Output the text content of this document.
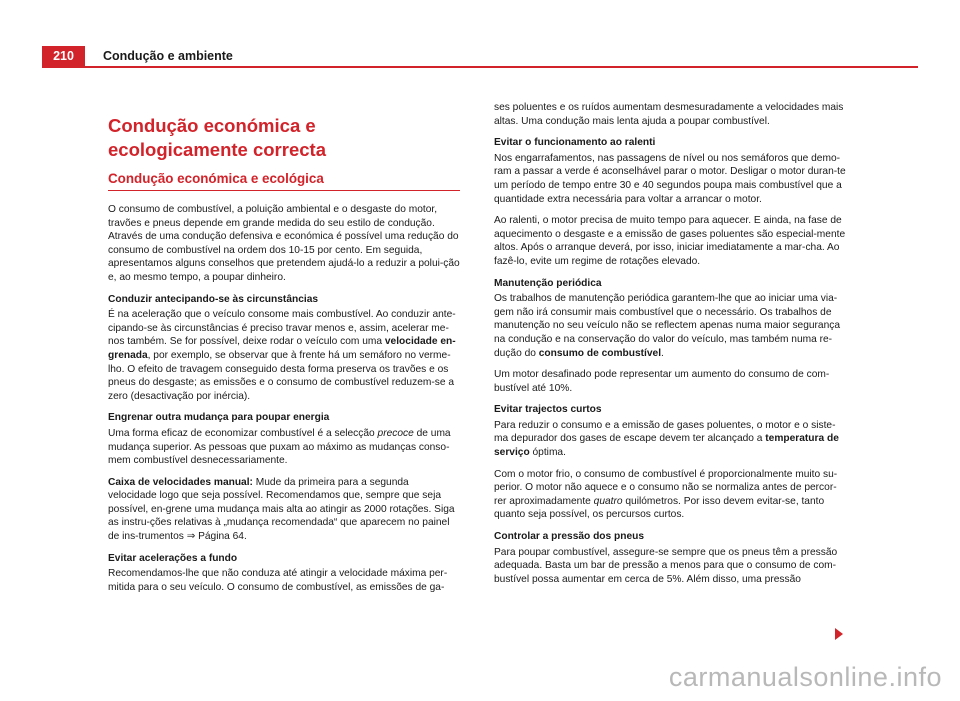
210	Condução e ambiente
Condução económica e ecologicamente correcta
Condução económica e ecológica

O consumo de combustível, a poluição ambiental e o desgaste do motor, travões e pneus depende em grande medida do seu estilo de condução. Através de uma condução defensiva e económica é possível uma redução do consumo de combustível na ordem dos 10-15 por cento. Em seguida, apresentamos alguns conselhos que pretendem ajudá-lo a reduzir a polui-ção e, ao mesmo tempo, a poupar dinheiro.

Conduzir antecipando-se às circunstâncias

É na aceleração que o veículo consome mais combustível. Ao conduzir ante-cipando-se às circunstâncias é preciso travar menos e, assim, acelerar me-nos também. Se for possível, deixe rodar o veículo com uma velocidade en-grenada, por exemplo, se observar que à frente há um semáforo no verme-lho. O efeito de travagem conseguido desta forma preserva os travões e os pneus do desgaste; as emissões e o consumo de combustível reduzem-se a zero (desactivação por inércia).

Engrenar outra mudança para poupar energia

Uma forma eficaz de economizar combustível é a selecção precoce de uma mudança superior. As pessoas que puxam ao máximo as mudanças conso-mem combustível desnecessariamente.

Caixa de velocidades manual: Mude da primeira para a segunda velocidade logo que seja possível. Recomendamos que, sempre que seja possível, en-grene uma mudança mais alta ao atingir as 2000 rotações. Siga as instru-ções relativas à „mudança recomendada“ que aparecem no painel de ins-trumentos ⇒ Página 64.

Evitar acelerações a fundo

Recomendamos-lhe que não conduza até atingir a velocidade máxima per-mitida para o seu veículo. O consumo de combustível, as emissões de ga-

ses poluentes e os ruídos aumentam desmesuradamente a velocidades mais altas. Uma condução mais lenta ajuda a poupar combustível.

Evitar o funcionamento ao ralenti

Nos engarrafamentos, nas passagens de nível ou nos semáforos que demo-ram a passar a verde é aconselhável parar o motor. Desligar o motor duran-te um período de tempo entre 30 e 40 segundos poupa mais combustível que a quantidade extra necessária para voltar a arrancar o motor.

Ao ralenti, o motor precisa de muito tempo para aquecer. E ainda, na fase de aquecimento o desgaste e a emissão de gases poluentes são especial-mente altos. Após o arranque deverá, por isso, iniciar imediatamente a mar-cha. Ao fazê-lo, evite um regime de rotações elevado.

Manutenção periódica

Os trabalhos de manutenção periódica garantem-lhe que ao iniciar uma via-gem não irá consumir mais combustível que o necessário. Os trabalhos de manutenção no seu veículo não se reflectem apenas numa maior segurança na condução e na conservação do valor do veículo, mas também numa re-dução do consumo de combustível.

Um motor desafinado pode representar um aumento do consumo de com-bustível até 10%.

Evitar trajectos curtos

Para reduzir o consumo e a emissão de gases poluentes, o motor e o siste-ma depurador dos gases de escape devem ter alcançado a temperatura de serviço óptima.

Com o motor frio, o consumo de combustível é proporcionalmente muito su-perior. O motor não aquece e o consumo não se normaliza antes de percor-rer aproximadamente quatro quilómetros. Por isso devem evitar-se, tanto quanto seja possível, os percursos curtos.

Controlar a pressão dos pneus

Para poupar combustível, assegure-se sempre que os pneus têm a pressão adequada. Basta um bar de pressão a menos para que o consumo de com-bustível possa aumentar em cerca de 5%. Além disso, uma pressão

carmanualsonline.info
